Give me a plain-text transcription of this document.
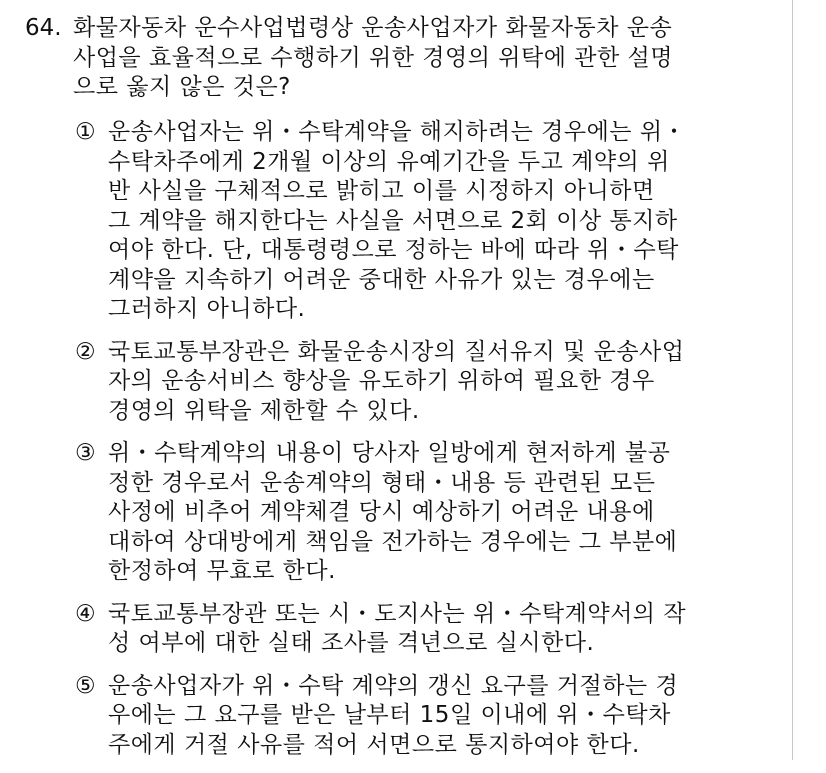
64. 화물자동차 운수사업법령상 운송사업자가 화물자동차 운송
사업을 효율적으로 수행하기 위한 경영의 위탁에 관한 설명
으로 옳지 않은 것은?
① 운송사업자는 위・수탁계약을 해지하려는 경우에는 위・
수탁차주에게 2개월 이상의 유예기간을 두고 계약의 위
반 사실을 구체적으로 밝히고 이를 시정하지 아니하면
그 계약을 해지한다는 사실을 서면으로 2회 이상 통지하
여야 한다. 단, 대통령령으로 정하는 바에 따라 위・수탁
계약을 지속하기 어려운 중대한 사유가 있는 경우에는
그러하지 아니하다.
② 국토교통부장관은 화물운송시장의 질서유지 및 운송사업
자의 운송서비스 향상을 유도하기 위하여 필요한 경우
경영의 위탁을 제한할 수 있다.
③ 위・수탁계약의 내용이 당사자 일방에게 현저하게 불공
정한 경우로서 운송계약의 형태・내용 등 관련된 모든
사정에 비추어 계약체결 당시 예상하기 어려운 내용에
대하여 상대방에게 책임을 전가하는 경우에는 그 부분에
한정하여 무효로 한다.
④ 국토교통부장관 또는 시・도지사는 위・수탁계약서의 작
성 여부에 대한 실태 조사를 격년으로 실시한다.
⑤ 운송사업자가 위・수탁 계약의 갱신 요구를 거절하는 경
우에는 그 요구를 받은 날부터 15일 이내에 위・수탁차
주에게 거절 사유를 적어 서면으로 통지하여야 한다.
